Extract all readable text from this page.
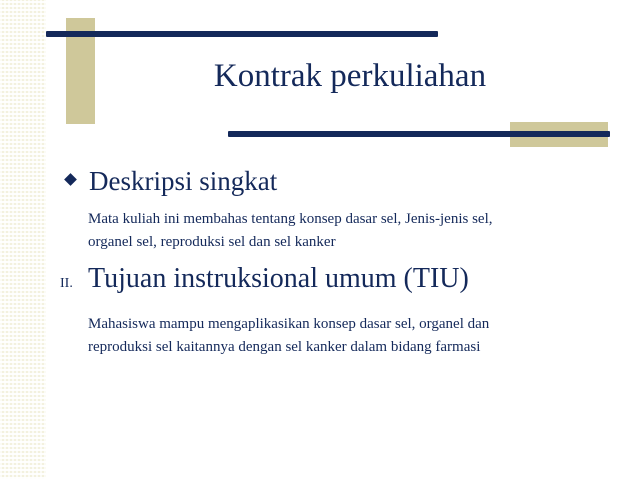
Kontrak perkuliahan
Deskripsi singkat
Mata kuliah ini membahas tentang konsep dasar sel, Jenis-jenis sel,
organel sel, reproduksi sel dan sel kanker
II. Tujuan instruksional umum (TIU)
Mahasiswa mampu mengaplikasikan konsep dasar sel, organel dan
reproduksi sel kaitannya dengan sel kanker dalam bidang farmasi
